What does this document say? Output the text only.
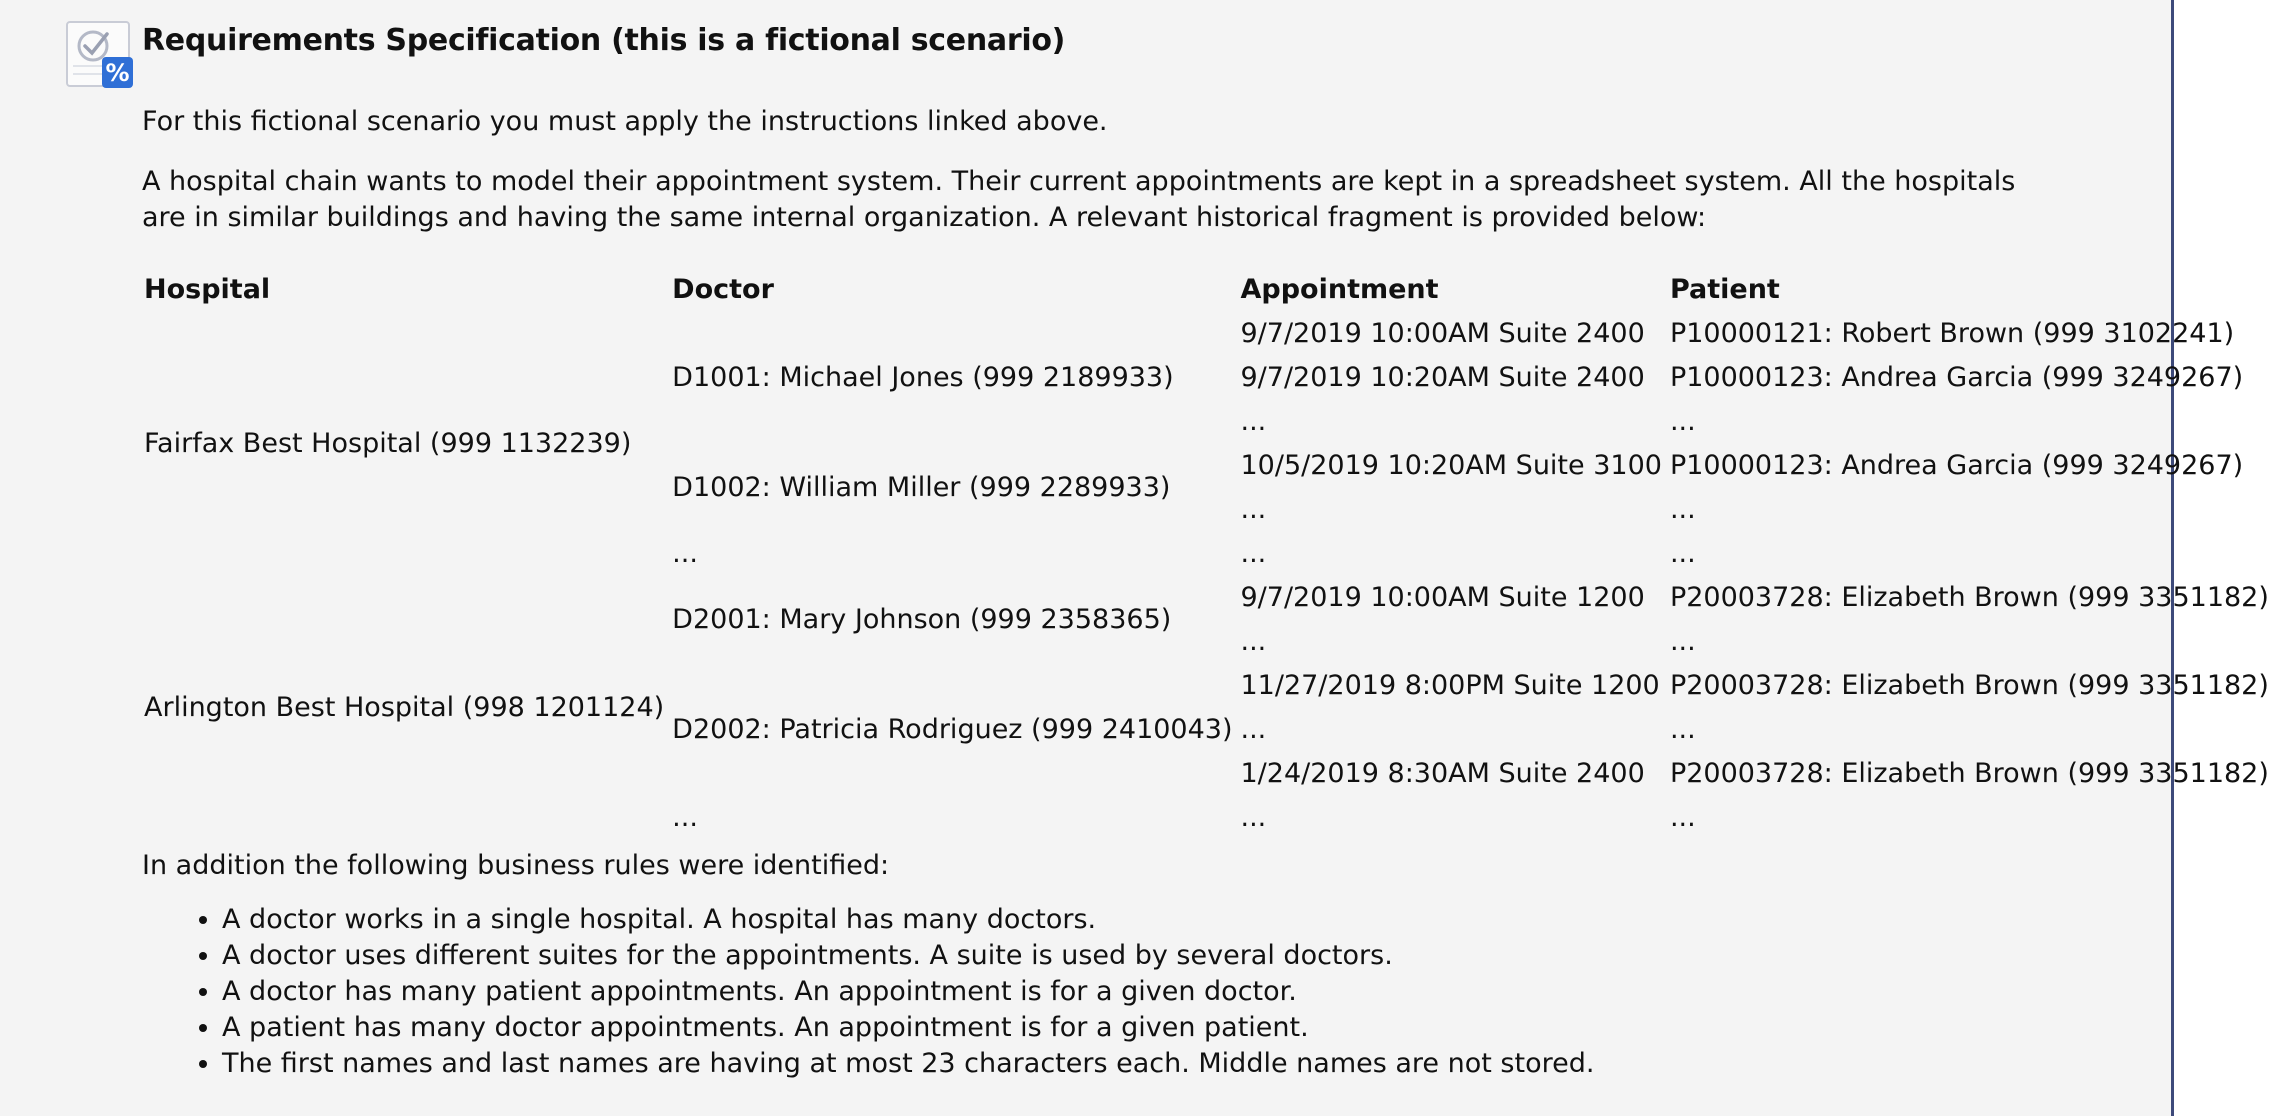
%
Requirements Specification (this is a fictional scenario)

For this fictional scenario you must apply the instructions linked above.

A hospital chain wants to model their appointment system. Their current appointments are kept in a spreadsheet system. All the hospitals are in similar buildings and having the same internal organization. A relevant historical fragment is provided below:

Hospital	Doctor	Appointment	Patient
Fairfax Best Hospital (999 1132239)	D1001: Michael Jones (999 2189933)	9/7/2019 10:00AM Suite 2400	P10000121: Robert Brown (999 3102241)
		9/7/2019 10:20AM Suite 2400	P10000123: Andrea Garcia (999 3249267)
		...	...
	D1002: William Miller (999 2289933)	10/5/2019 10:20AM Suite 3100	P10000123: Andrea Garcia (999 3249267)
		...	...
	...	...	...
Arlington Best Hospital (998 1201124)	D2001: Mary Johnson (999 2358365)	9/7/2019 10:00AM Suite 1200	P20003728: Elizabeth Brown (999 3351182)
		...	...
	D2002: Patricia Rodriguez (999 2410043)	11/27/2019 8:00PM Suite 1200	P20003728: Elizabeth Brown (999 3351182)
		...	...
		1/24/2019 8:30AM Suite 2400	P20003728: Elizabeth Brown (999 3351182)
	...	...	...

In addition the following business rules were identified:

• A doctor works in a single hospital. A hospital has many doctors.
• A doctor uses different suites for the appointments. A suite is used by several doctors.
• A doctor has many patient appointments. An appointment is for a given doctor.
• A patient has many doctor appointments. An appointment is for a given patient.
• The first names and last names are having at most 23 characters each. Middle names are not stored.
